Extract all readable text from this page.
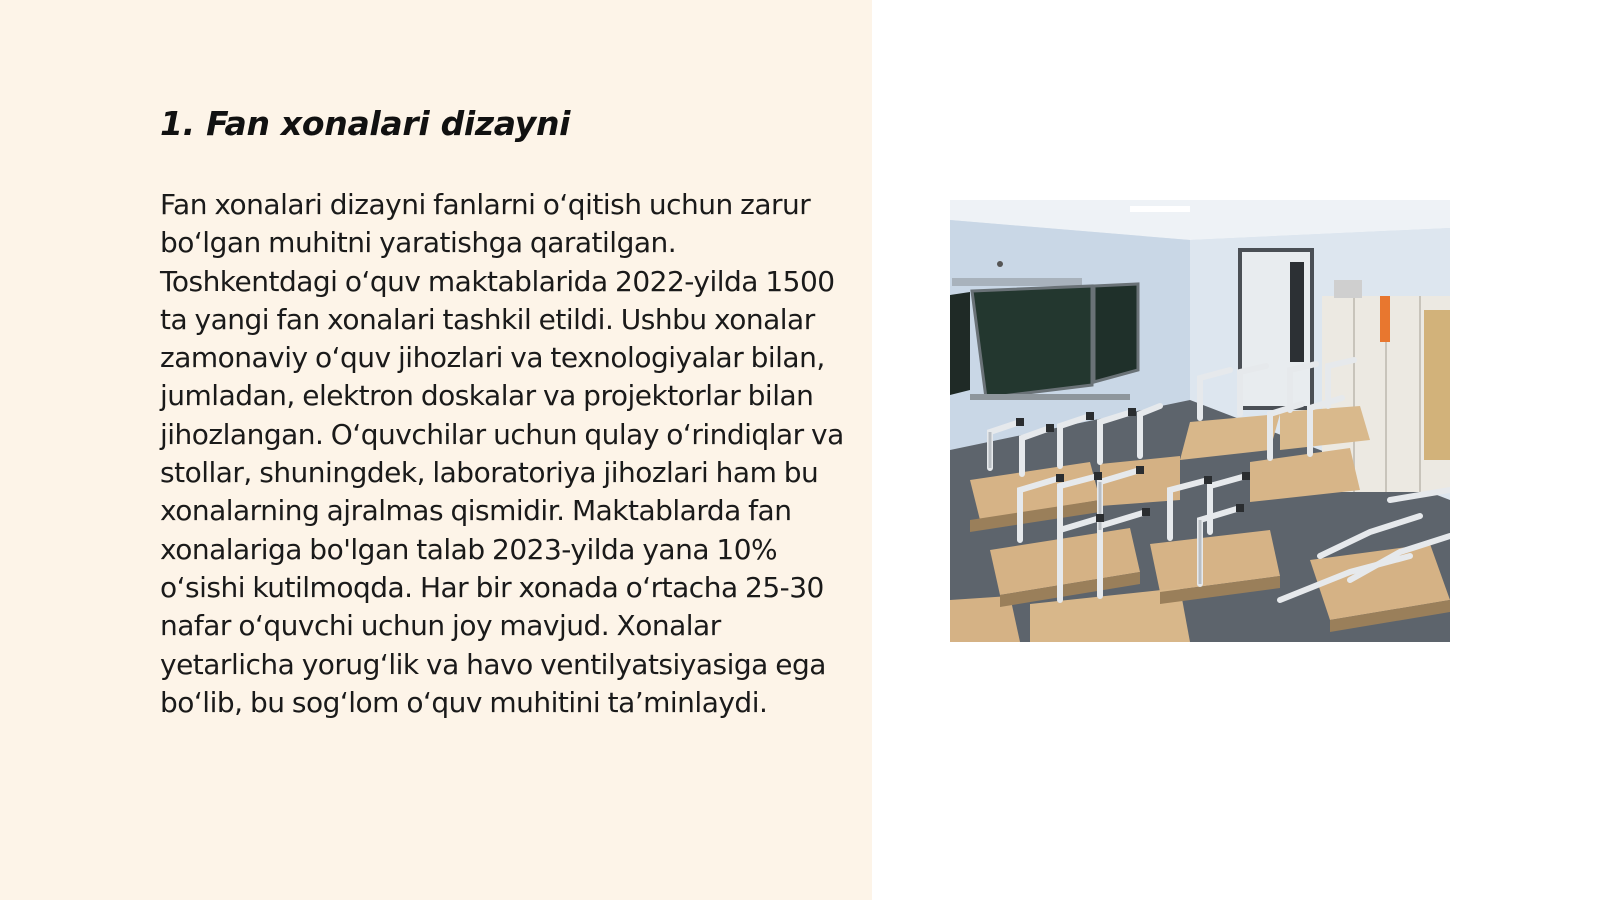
1. Fan xonalari dizayni

Fan xonalari dizayni fanlarni o‘qitish uchun zarur bo‘lgan muhitni yaratishga qaratilgan. Toshkentdagi o‘quv maktablarida 2022-yilda 1500 ta yangi fan xonalari tashkil etildi. Ushbu xonalar zamonaviy o‘quv jihozlari va texnologiyalar bilan, jumladan, elektron doskalar va projektorlar bilan jihozlangan. O‘quvchilar uchun qulay o‘rindiqlar va stollar, shuningdek, laboratoriya jihozlari ham bu xonalarning ajralmas qismidir. Maktablarda fan xonalariga bo'lgan talab 2023-yilda yana 10% o‘sishi kutilmoqda. Har bir xonada o‘rtacha 25-30 nafar o‘quvchi uchun joy mavjud. Xonalar yetarlicha yorug‘lik va havo ventilyatsiyasiga ega bo‘lib, bu sog‘lom o‘quv muhitini ta’minlaydi.
